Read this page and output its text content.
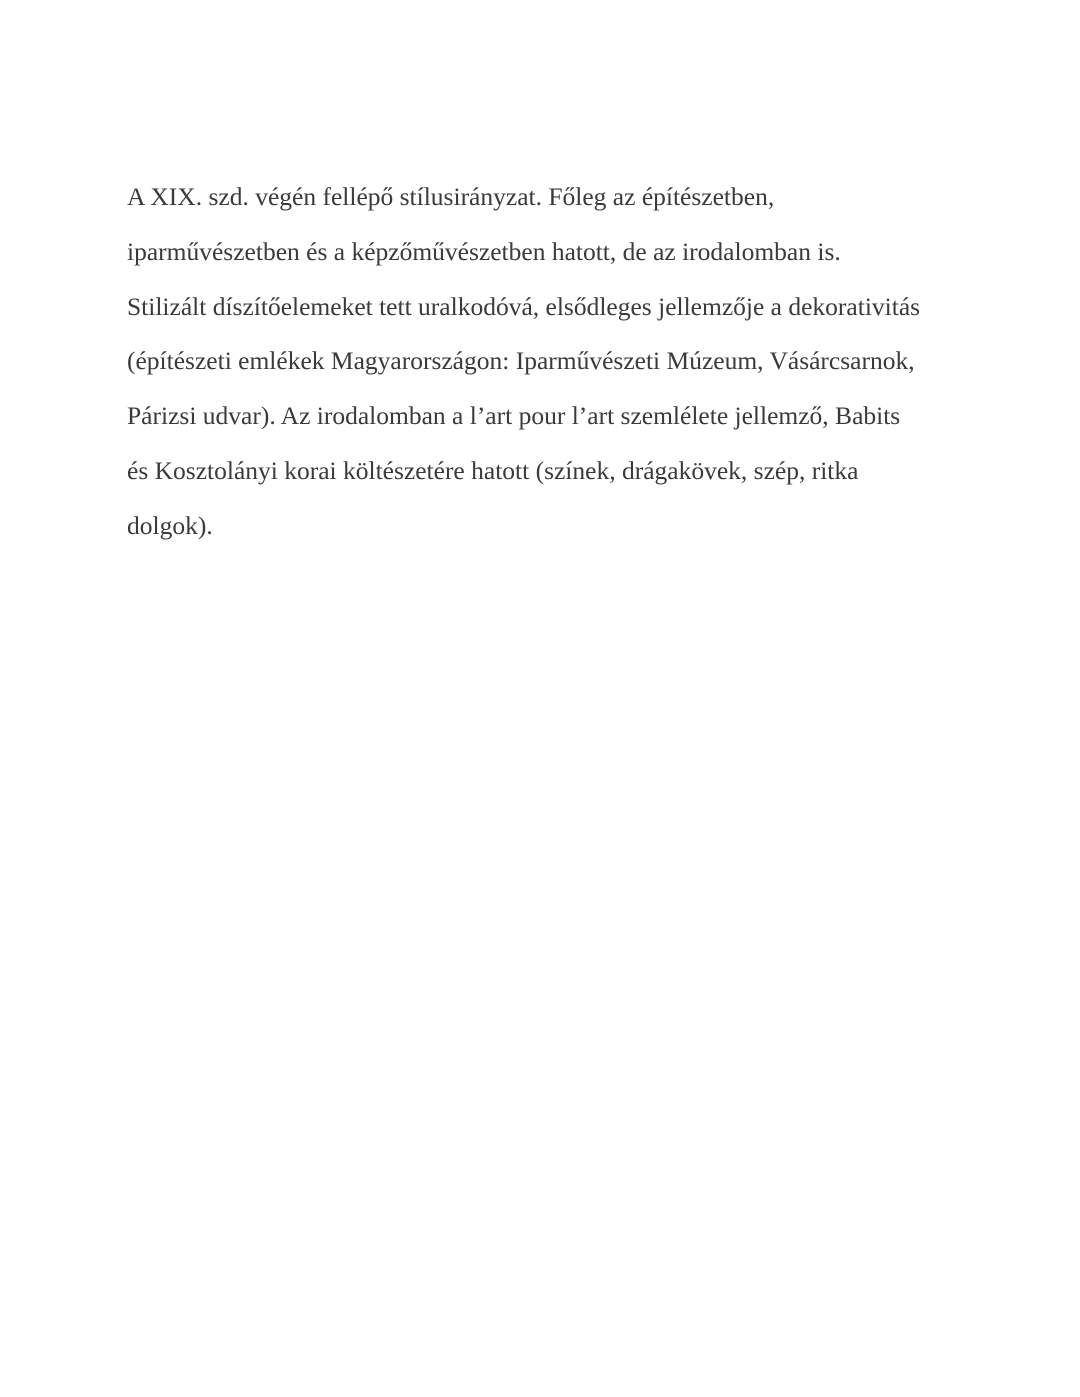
A XIX. szd. végén fellépő stílusirányzat. Főleg az építészetben,
iparművészetben és a képzőművészetben hatott, de az irodalomban is.
Stilizált díszítőelemeket tett uralkodóvá, elsődleges jellemzője a dekorativitás
(építészeti emlékek Magyarországon: Iparművészeti Múzeum, Vásárcsarnok,
Párizsi udvar). Az irodalomban a l’art pour l’art szemlélete jellemző, Babits
és Kosztolányi korai költészetére hatott (színek, drágakövek, szép, ritka
dolgok).
